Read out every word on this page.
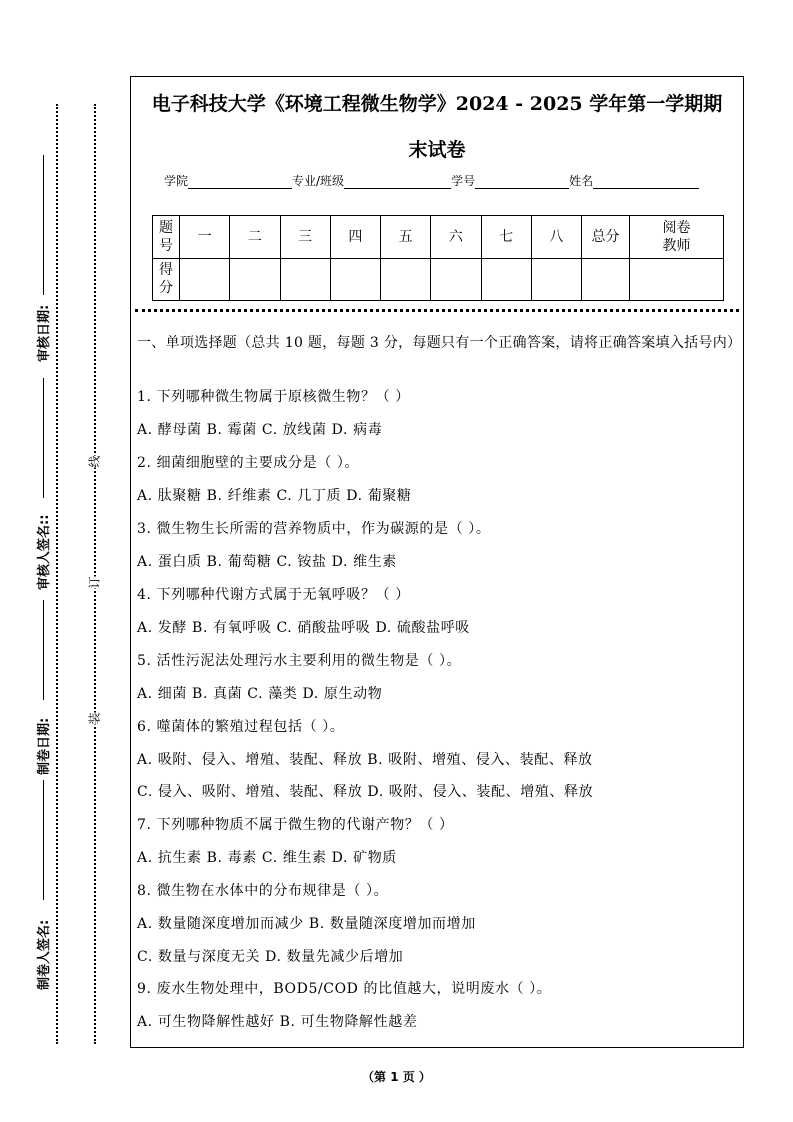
线
订
装
审核日期:
审核人签名::
制卷日期:
制卷人签名:
电子科技大学《环境工程微生物学》2024 - 2025 学年第一学期期
末试卷
学院	专业/班级	学号	姓名
题号	一	二	三	四	五	六	七	八	总分	阅卷教师
得分										
一、单项选择题（总共 10 题，每题 3 分，每题只有一个正确答案，请将正确答案填入括号内）
1. 下列哪种微生物属于原核微生物？（ ）
A. 酵母菌 B. 霉菌 C. 放线菌 D. 病毒
2. 细菌细胞壁的主要成分是（ ）。
A. 肽聚糖 B. 纤维素 C. 几丁质 D. 葡聚糖
3. 微生物生长所需的营养物质中，作为碳源的是（ ）。
A. 蛋白质 B. 葡萄糖 C. 铵盐 D. 维生素
4. 下列哪种代谢方式属于无氧呼吸？（ ）
A. 发酵 B. 有氧呼吸 C. 硝酸盐呼吸 D. 硫酸盐呼吸
5. 活性污泥法处理污水主要利用的微生物是（ ）。
A. 细菌 B. 真菌 C. 藻类 D. 原生动物
6. 噬菌体的繁殖过程包括（ ）。
A. 吸附、侵入、增殖、装配、释放 B. 吸附、增殖、侵入、装配、释放
C. 侵入、吸附、增殖、装配、释放 D. 吸附、侵入、装配、增殖、释放
7. 下列哪种物质不属于微生物的代谢产物？（ ）
A. 抗生素 B. 毒素 C. 维生素 D. 矿物质
8. 微生物在水体中的分布规律是（ ）。
A. 数量随深度增加而减少 B. 数量随深度增加而增加
C. 数量与深度无关 D. 数量先减少后增加
9. 废水生物处理中，BOD5/COD 的比值越大，说明废水（ ）。
A. 可生物降解性越好 B. 可生物降解性越差
（第 1 页 ）
